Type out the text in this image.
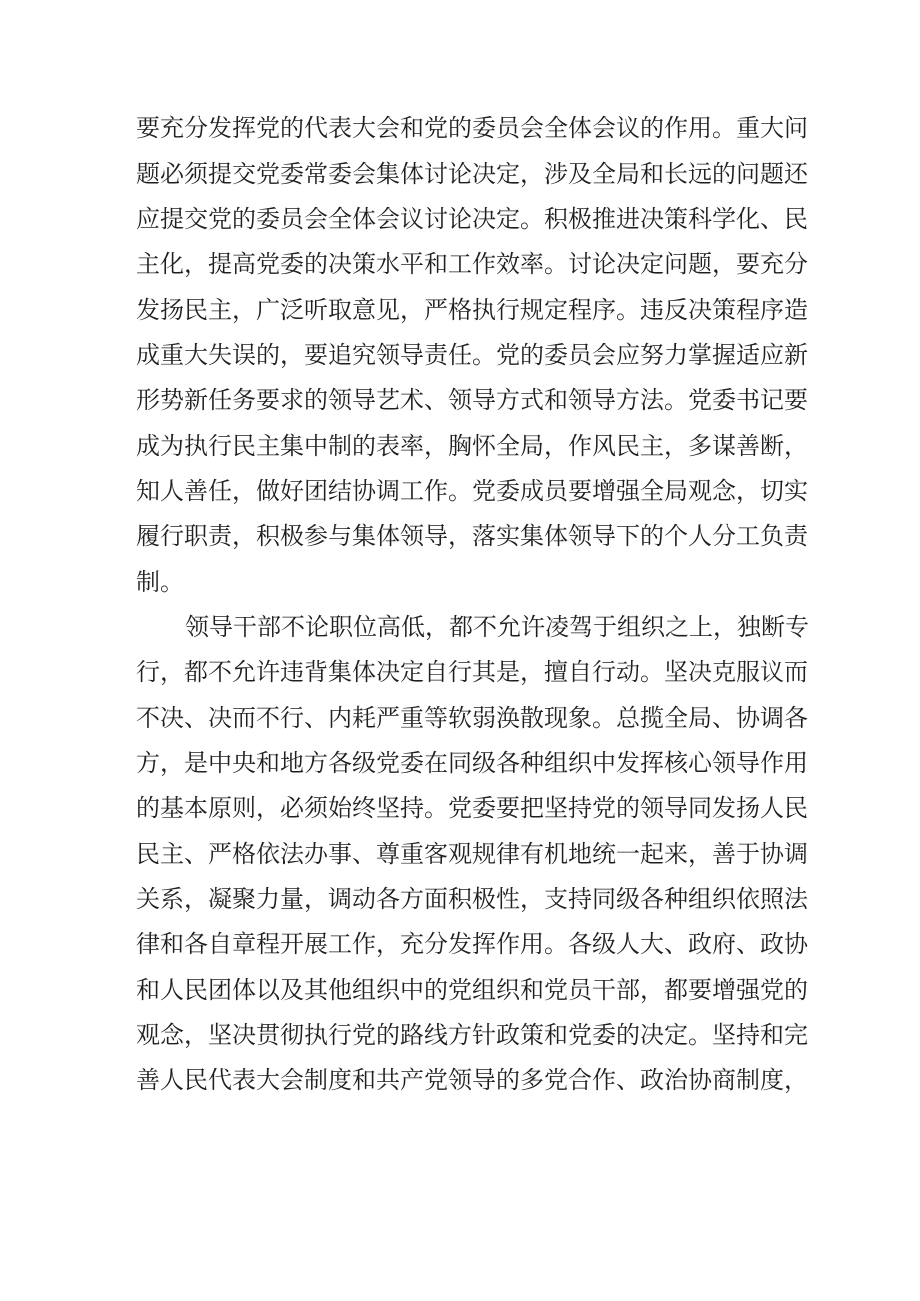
要充分发挥党的代表大会和党的委员会全体会议的作用。重大问
题必须提交党委常委会集体讨论决定，涉及全局和长远的问题还
应提交党的委员会全体会议讨论决定。积极推进决策科学化、民
主化，提高党委的决策水平和工作效率。讨论决定问题，要充分
发扬民主，广泛听取意见，严格执行规定程序。违反决策程序造
成重大失误的，要追究领导责任。党的委员会应努力掌握适应新
形势新任务要求的领导艺术、领导方式和领导方法。党委书记要
成为执行民主集中制的表率，胸怀全局，作风民主，多谋善断，
知人善任，做好团结协调工作。党委成员要增强全局观念，切实
履行职责，积极参与集体领导，落实集体领导下的个人分工负责
制。
领导干部不论职位高低，都不允许凌驾于组织之上，独断专
行，都不允许违背集体决定自行其是，擅自行动。坚决克服议而
不决、决而不行、内耗严重等软弱涣散现象。总揽全局、协调各
方，是中央和地方各级党委在同级各种组织中发挥核心领导作用
的基本原则，必须始终坚持。党委要把坚持党的领导同发扬人民
民主、严格依法办事、尊重客观规律有机地统一起来，善于协调
关系，凝聚力量，调动各方面积极性，支持同级各种组织依照法
律和各自章程开展工作，充分发挥作用。各级人大、政府、政协
和人民团体以及其他组织中的党组织和党员干部，都要增强党的
观念，坚决贯彻执行党的路线方针政策和党委的决定。坚持和完
善人民代表大会制度和共产党领导的多党合作、政治协商制度，
